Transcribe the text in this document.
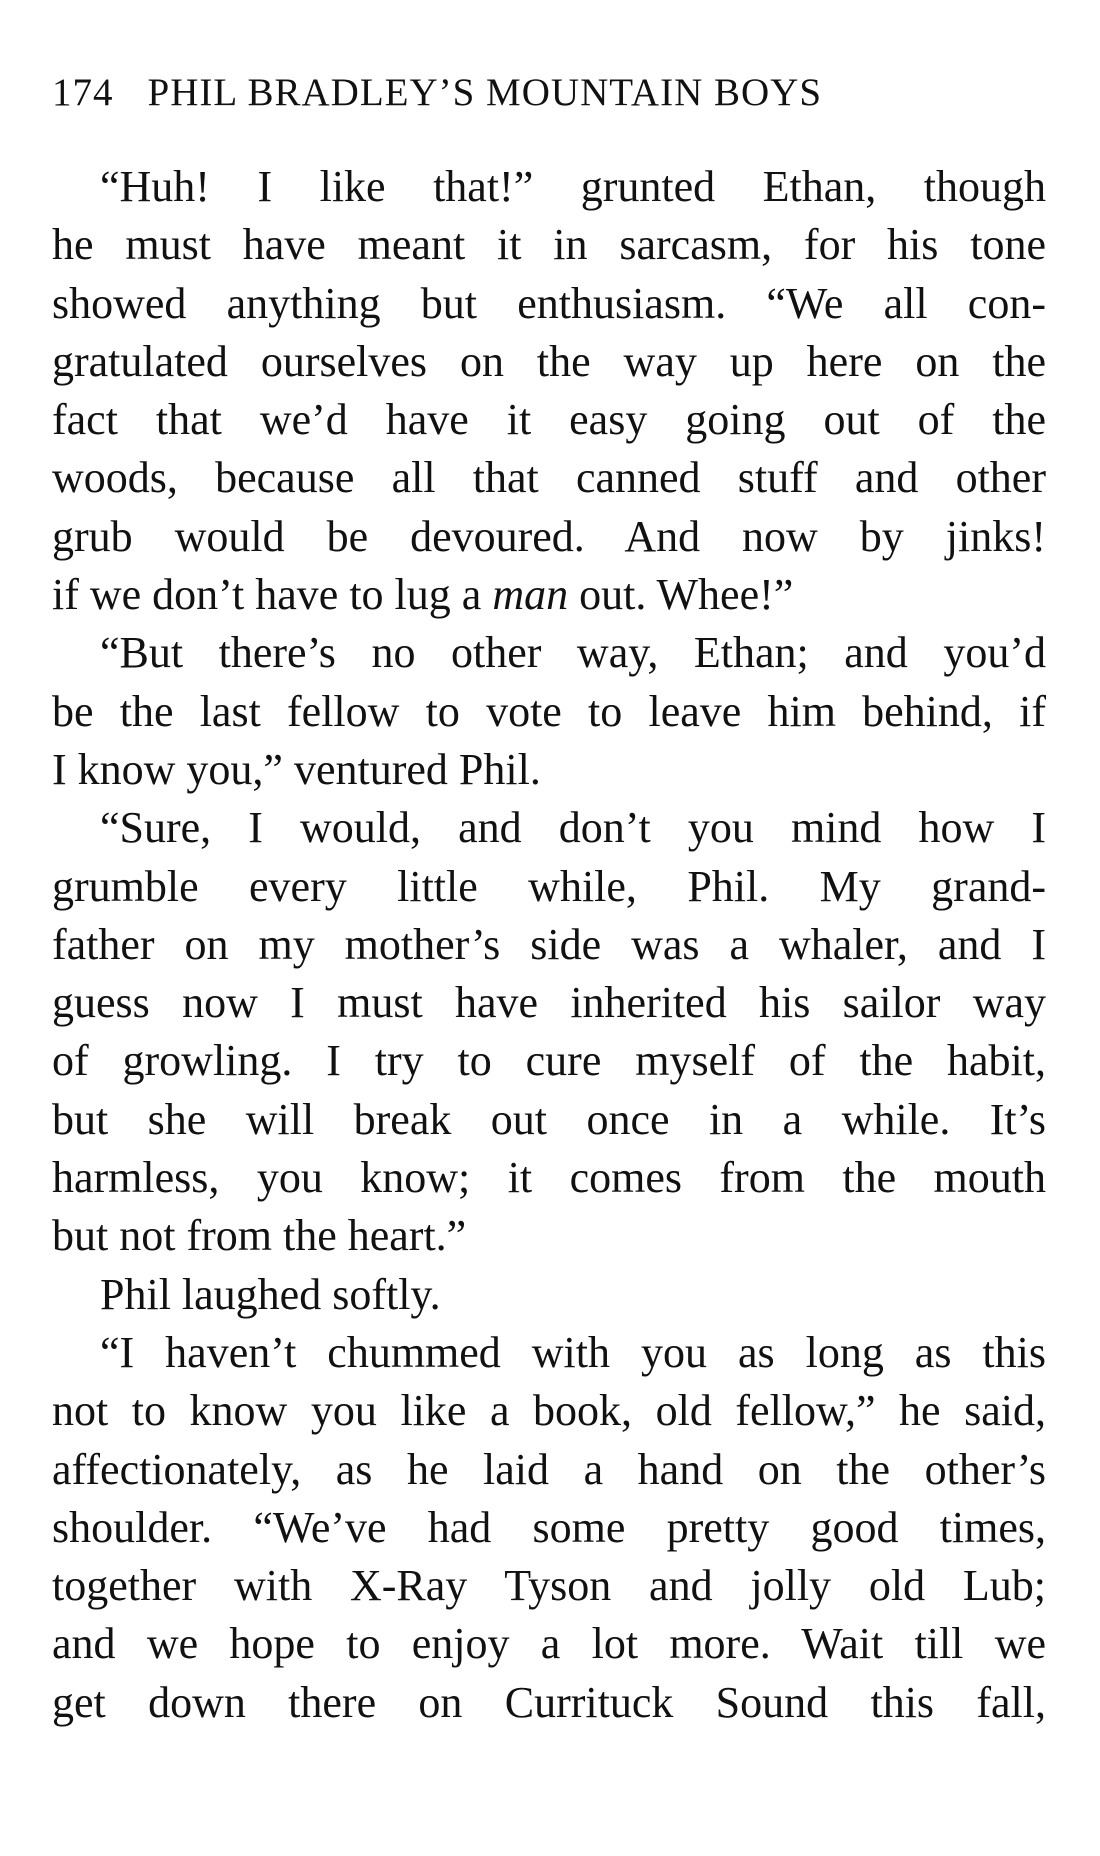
174 PHIL BRADLEY’S MOUNTAIN BOYS
“Huh! I like that!” grunted Ethan, though
he must have meant it in sarcasm, for his tone
showed anything but enthusiasm. “We all con-
gratulated ourselves on the way up here on the
fact that we’d have it easy going out of the
woods, because all that canned stuff and other
grub would be devoured. And now by jinks!
if we don’t have to lug a man out. Whee!”
“But there’s no other way, Ethan; and you’d
be the last fellow to vote to leave him behind, if
I know you,” ventured Phil.
“Sure, I would, and don’t you mind how I
grumble every little while, Phil. My grand-
father on my mother’s side was a whaler, and I
guess now I must have inherited his sailor way
of growling. I try to cure myself of the habit,
but she will break out once in a while. It’s
harmless, you know; it comes from the mouth
but not from the heart.”
Phil laughed softly.
“I haven’t chummed with you as long as this
not to know you like a book, old fellow,” he said,
affectionately, as he laid a hand on the other’s
shoulder. “We’ve had some pretty good times,
together with X-Ray Tyson and jolly old Lub;
and we hope to enjoy a lot more. Wait till we
get down there on Currituck Sound this fall,
